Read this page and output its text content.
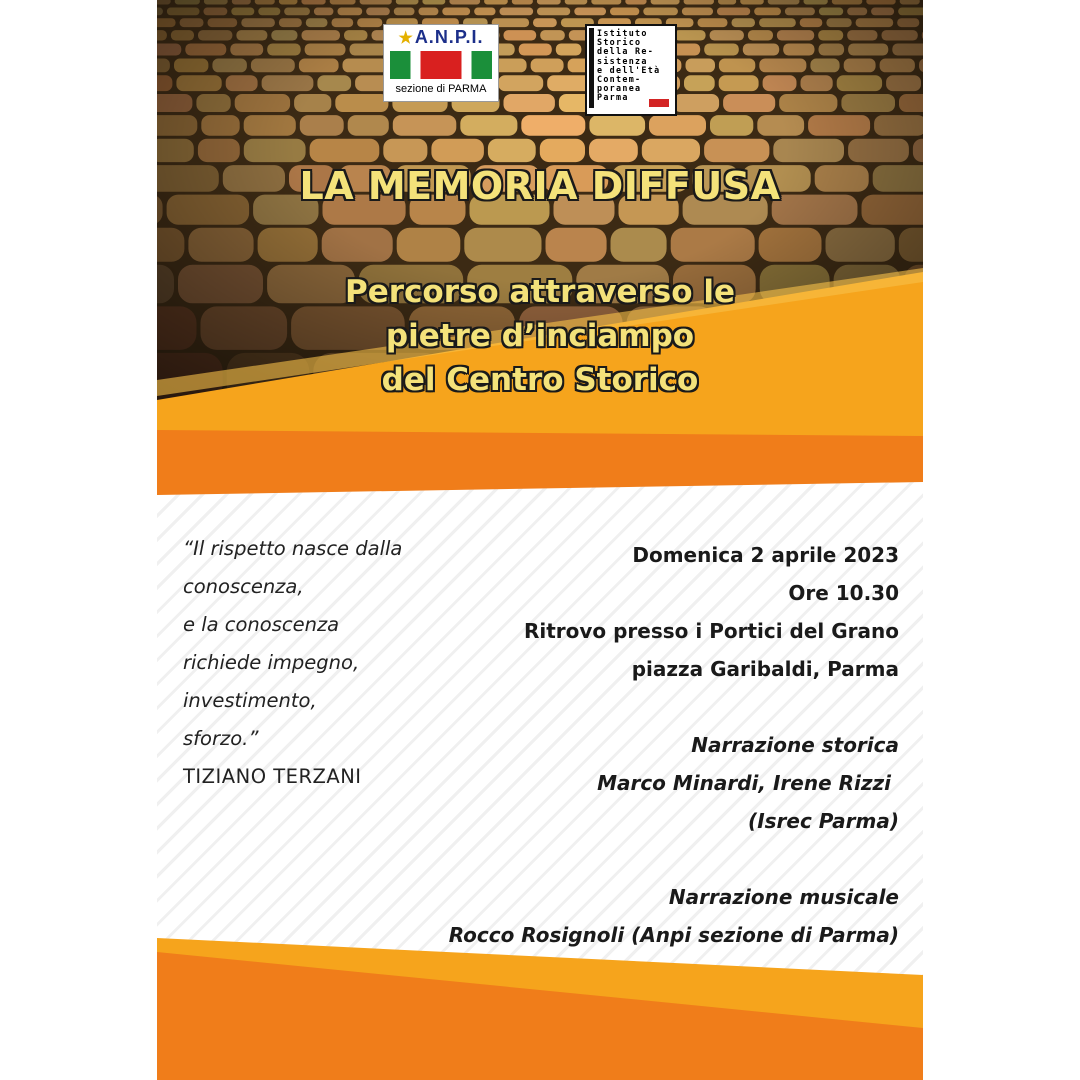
★A.N.P.I.
sezione di PARMA
Istituto
Storico
della Re-
sistenza
e dell'Età
Contem-
poranea
Parma
LA MEMORIA DIFFUSA
Percorso attraverso le
pietre d’inciampo
del Centro Storico
“Il rispetto nasce dalla
conoscenza,
e la conoscenza
richiede impegno,
investimento,
sforzo.”
TIZIANO TERZANI
Domenica 2 aprile 2023
Ore 10.30
Ritrovo presso i Portici del Grano
piazza Garibaldi, Parma
Narrazione storica
Marco Minardi, Irene Rizzi
(Isrec Parma)
Narrazione musicale
Rocco Rosignoli (Anpi sezione di Parma)
